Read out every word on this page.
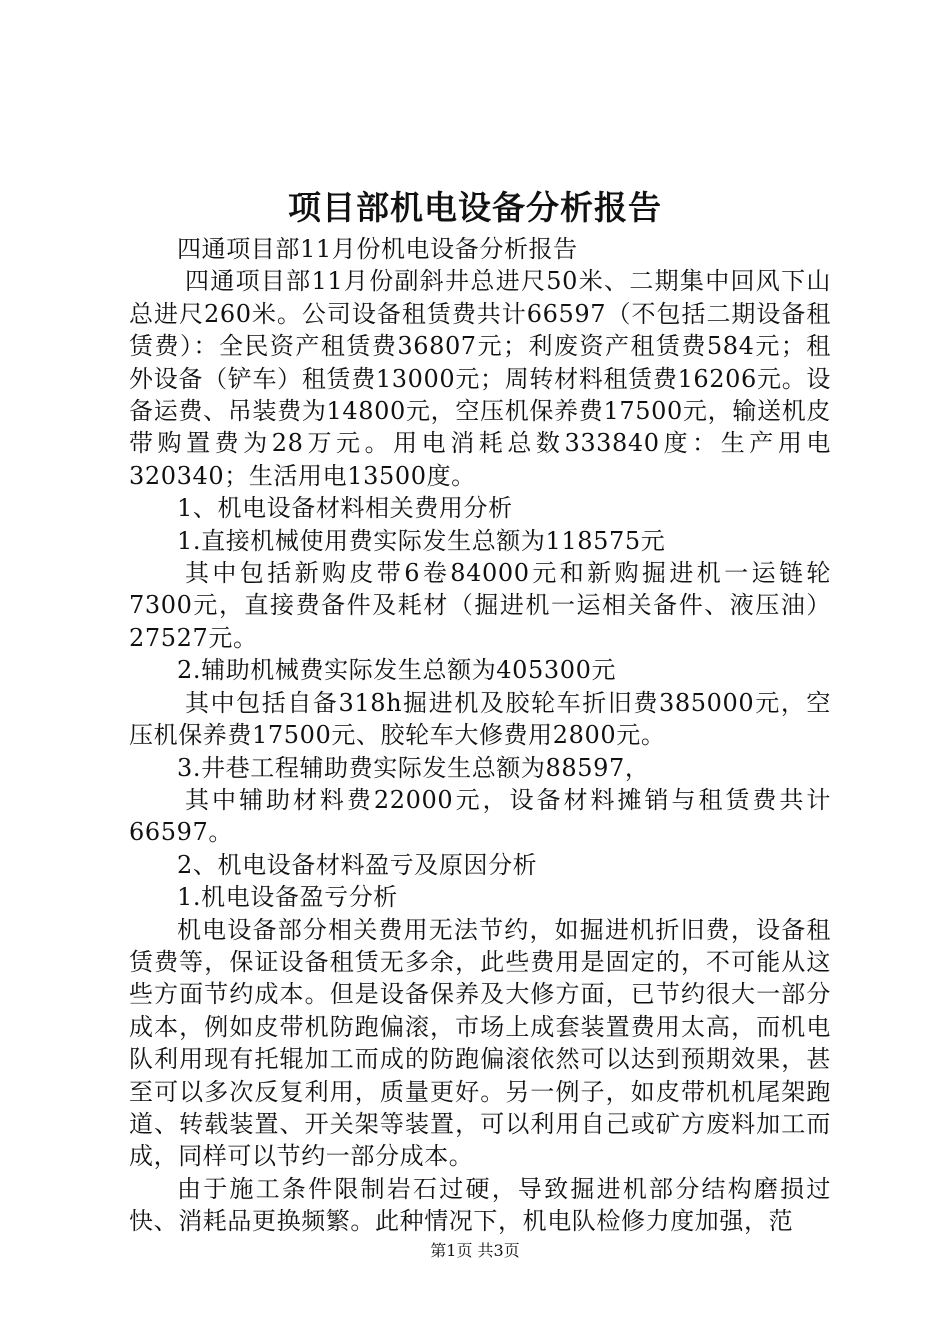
项目部机电设备分析报告

四通项目部11月份机电设备分析报告

四通项目部11月份副斜井总进尺50米、二期集中回风下山总进尺260米。公司设备租赁费共计66597（不包括二期设备租赁费）：全民资产租赁费36807元；利废资产租赁费584元；租外设备（铲车）租赁费13000元；周转材料租赁费16206元。设备运费、吊装费为14800元，空压机保养费17500元，输送机皮带购置费为28万元。用电消耗总数333840度：生产用电320340；生活用电13500度。

1、机电设备材料相关费用分析

1.直接机械使用费实际发生总额为118575元

其中包括新购皮带6卷84000元和新购掘进机一运链轮7300元，直接费备件及耗材（掘进机一运相关备件、液压油）27527元。

2.辅助机械费实际发生总额为405300元

其中包括自备318h掘进机及胶轮车折旧费385000元，空压机保养费17500元、胶轮车大修费用2800元。

3.井巷工程辅助费实际发生总额为88597，

其中辅助材料费22000元，设备材料摊销与租赁费共计66597。

2、机电设备材料盈亏及原因分析

1.机电设备盈亏分析

机电设备部分相关费用无法节约，如掘进机折旧费，设备租赁费等，保证设备租赁无多余，此些费用是固定的，不可能从这些方面节约成本。但是设备保养及大修方面，已节约很大一部分成本，例如皮带机防跑偏滚，市场上成套装置费用太高，而机电队利用现有托辊加工而成的防跑偏滚依然可以达到预期效果，甚至可以多次反复利用，质量更好。另一例子，如皮带机机尾架跑道、转载装置、开关架等装置，可以利用自己或矿方废料加工而成，同样可以节约一部分成本。

由于施工条件限制岩石过硬，导致掘进机部分结构磨损过快、消耗品更换频繁。此种情况下，机电队检修力度加强，范

第1页 共3页
